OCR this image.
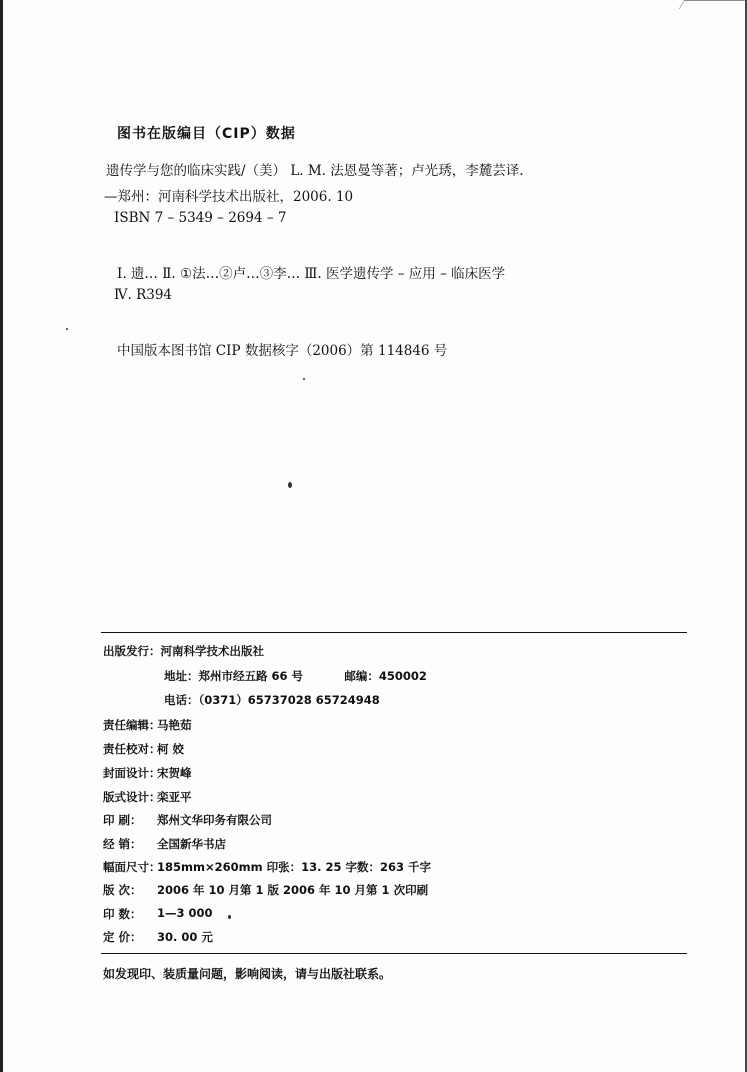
图书在版编目（CIP）数据
遗传学与您的临床实践/（美） L. M. 法恩曼等著；卢光琇，李麓芸译.
—郑州：河南科学技术出版社，2006. 10
ISBN 7 – 5349 – 2694 – 7
Ⅰ. 遗… Ⅱ. ①法…②卢…③李… Ⅲ. 医学遗传学 – 应用 – 临床医学
Ⅳ. R394
中国版本图书馆 CIP 数据核字（2006）第 114846 号
出版发行： 河南科学技术出版社
地址：郑州市经五路 66 号	邮编：450002
电话：（0371）65737028 65724948
责任编辑：
马艳茹
责任校对：
柯 姣
封面设计：
宋贺峰
版式设计：
栾亚平
印 刷：	郑州文华印务有限公司
经 销：	全国新华书店
幅面尺寸：
185mm×260mm 印张：13. 25 字数：263 千字
版 次：	2006 年 10 月第 1 版 2006 年 10 月第 1 次印刷
印 数：	1—3 000
定 价：	30. 00 元
如发现印、装质量问题，影响阅读，请与出版社联系。
